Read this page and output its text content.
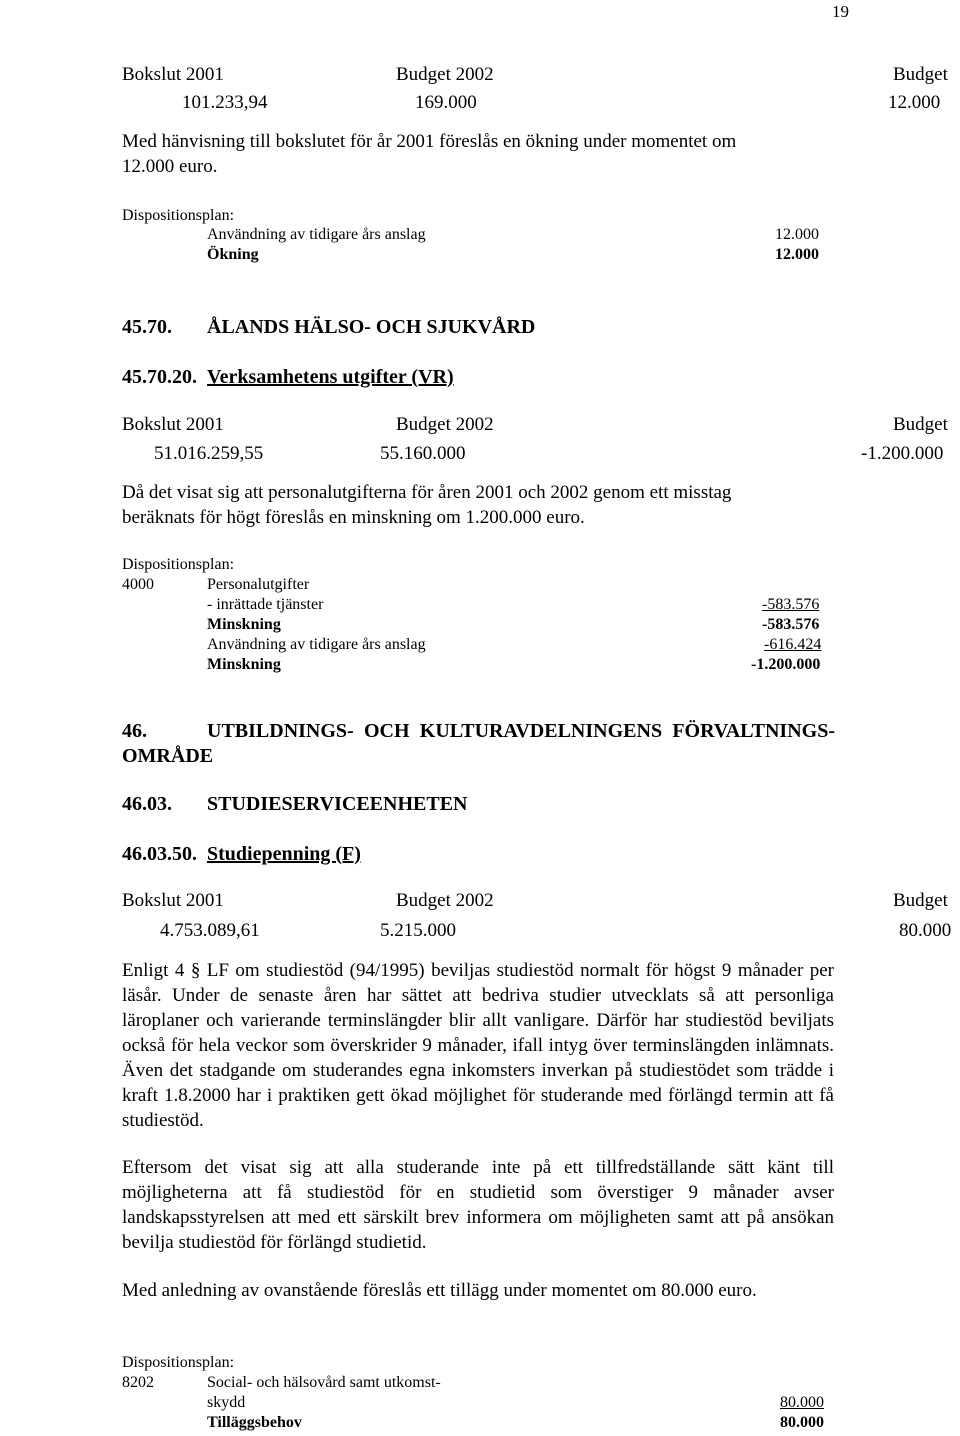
19
Bokslut 2001	Budget 2002	Budget
101.233,94	169.000	12.000
Med hänvisning till bokslutet för år 2001 föreslås en ökning under momentet om
12.000 euro.
Dispositionsplan:
Användning av tidigare års anslag	12.000
Ökning	12.000
45.70. ÅLANDS HÄLSO- OCH SJUKVÅRD
45.70.20. Verksamhetens utgifter (VR)
Bokslut 2001	Budget 2002	Budget
51.016.259,55	55.160.000	-1.200.000
Då det visat sig att personalutgifterna för åren 2001 och 2002 genom ett misstag
beräknats för högt föreslås en minskning om 1.200.000 euro.
Dispositionsplan:
4000	Personalutgifter
- inrättade tjänster	-583.576
Minskning	-583.576
Användning av tidigare års anslag	-616.424
Minskning	-1.200.000
46.	UTBILDNINGS- OCH KULTURAVDELNINGENS FÖRVALTNINGS-
OMRÅDE
46.03. STUDIESERVICEENHETEN
46.03.50. Studiepenning (F)
Bokslut 2001	Budget 2002	Budget
4.753.089,61	5.215.000	80.000
Enligt 4 § LF om studiestöd (94/1995) beviljas studiestöd normalt för högst 9 månader per läsår. Under de senaste åren har sättet att bedriva studier utvecklats så att personliga läroplaner och varierande terminslängder blir allt vanligare. Därför har studiestöd beviljats också för hela veckor som överskrider 9 månader, ifall intyg över terminslängden inlämnats. Även det stadgande om studerandes egna inkomsters inverkan på studiestödet som trädde i kraft 1.8.2000 har i praktiken gett ökad möjlighet för studerande med förlängd termin att få studiestöd.
Eftersom det visat sig att alla studerande inte på ett tillfredställande sätt känt till möjligheterna att få studiestöd för en studietid som överstiger 9 månader avser landskapsstyrelsen att med ett särskilt brev informera om möjligheten samt att på ansökan bevilja studiestöd för förlängd studietid.
Med anledning av ovanstående föreslås ett tillägg under momentet om 80.000 euro.
Dispositionsplan:
8202	Social- och hälsovård samt utkomst-
skydd	80.000
Tilläggsbehov	80.000
